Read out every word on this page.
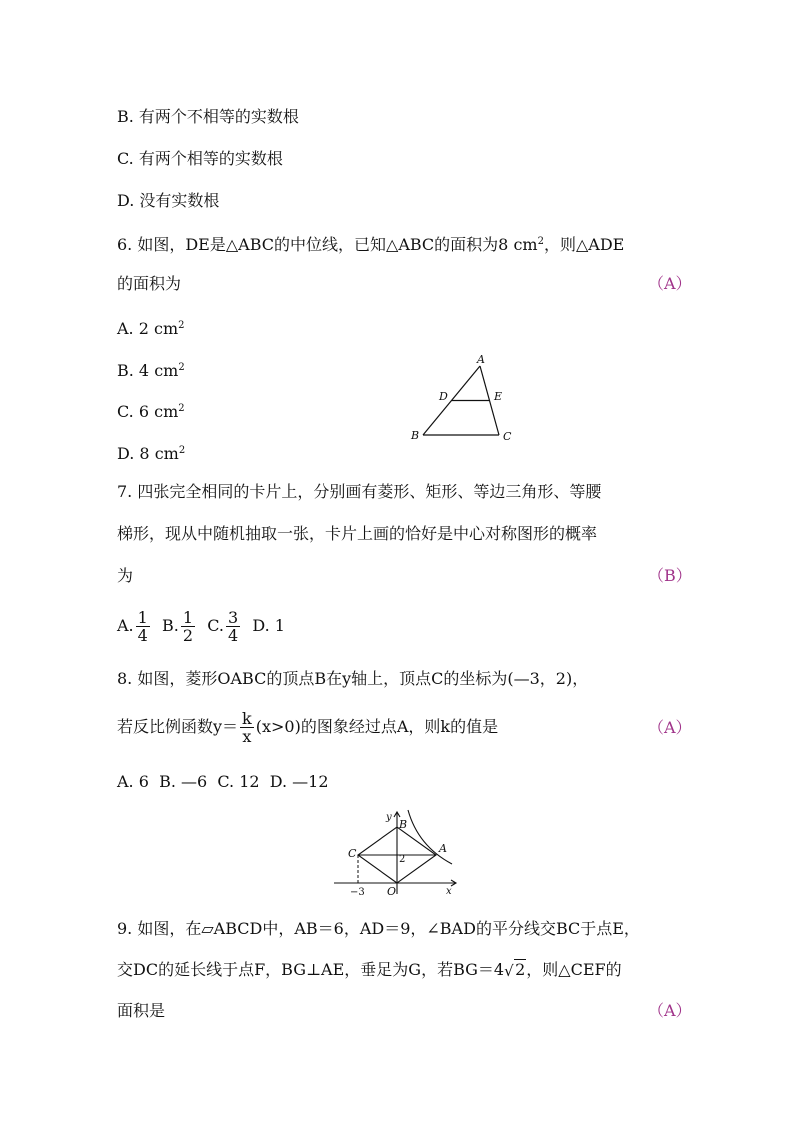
B. 有两个不相等的实数根
C. 有两个相等的实数根
D. 没有实数根
6. 如图，DE是△ABC的中位线，已知△ABC的面积为8 $cm^2$，则△ADE
的面积为	（A）
A. 2 $cm^2$
B. 4 $cm^2$
C. 6 $cm^2$
D. 8 $cm^2$
A
D	E
B	C
7. 四张完全相同的卡片上，分别画有菱形、矩形、等边三角形、等腰
梯形，现从中随机抽取一张，卡片上画的恰好是中心对称图形的概率
为	（B）
A. $\frac{1}{4} B$. $\frac{1}{2} C$. $\frac{3}{4} D$. 1
8. 如图，菱形OABC的顶点B在y轴上，顶点C的坐标为(—3，2)，
若反比例函数$y= \frac{k}{x} (x>0)$的图象经过点A，则k的值是	（A）
A. 6  B. —6  C. 12  D. —12
y
x
B
C	A
2
−3 O
9. 如图，在▱ABCD中，AB＝6，AD＝9，∠BAD的平分线交BC于点E，
交DC的延长线于点F，BG⊥AE，垂足为G，若BG＝4 √ 2，则△CEF的
面积是	（A）
